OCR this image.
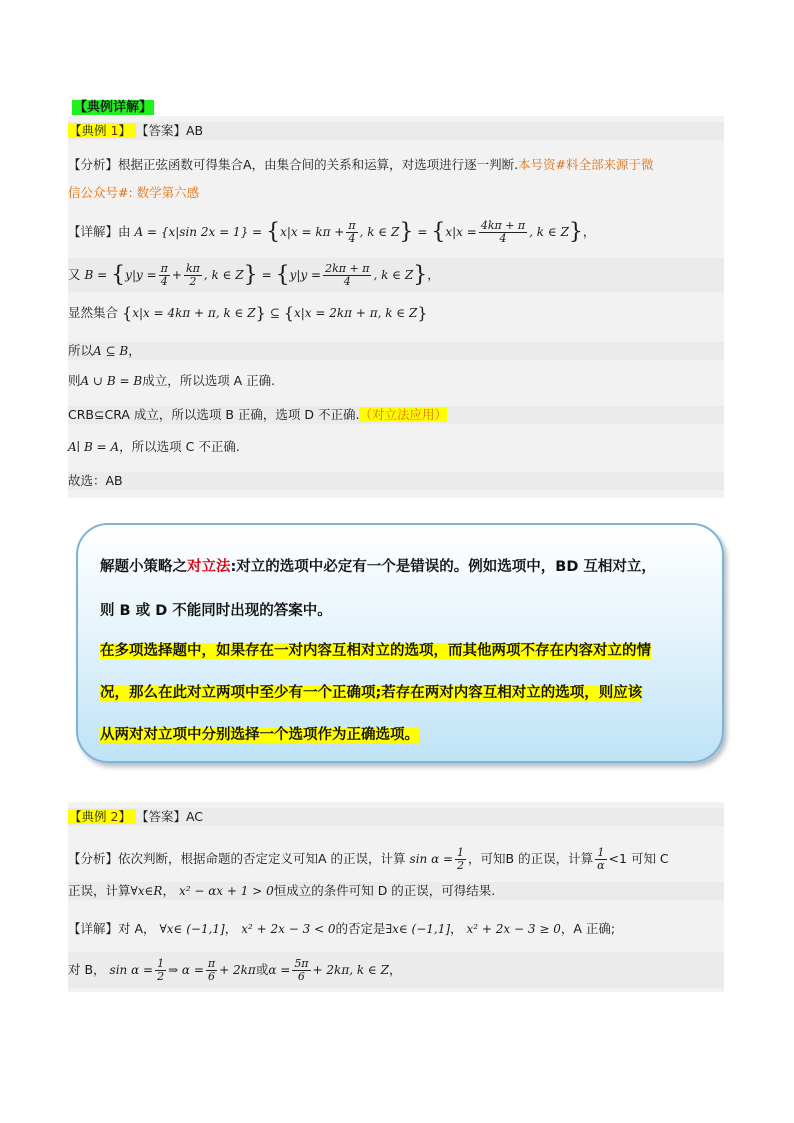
【典例详解】
【典例 1】 【答案】AB
【分析】根据正弦函数可得集合A，由集合间的关系和运算，对选项进行逐一判断.本号资#料全部来源于微
信公众号#: 数学第六感
【详解】由 A = {x|sin $2x = 1\} = \{x|x = k\pi + \frac{\pi}{4}$ , k ∈ $Z\} = \{x|x = \frac{4k\pi + \pi}{4}$ , k ∈ Z}，
又 $B = \{y|y = \frac{\pi}{4} + \frac{k\pi}{2}$ , k ∈ $Z\} = \{y|y = \frac{2k\pi + \pi}{4}$ , k ∈ Z}，
显然集合 {x|x = 4kπ + π, k ∈ Z} ⊆ {x|x = 2kπ + π, k ∈ Z}
所以A ⊆ B，
则A ∪ B = B成立，所以选项 A 正确.
CRB⊆CRA 成立，所以选项 B 正确，选项 D 不正确.（对立法应用）
A∣ B = A，所以选项 C 不正确.
故选：AB
解题小策略之对立法:对立的选项中必定有一个是错误的。例如选项中，BD 互相对立，
则 B 或 D 不能同时出现的答案中。
在多项选择题中，如果存在一对内容互相对立的选项，而其他两项不存在内容对立的情
况，那么在此对立两项中至少有一个正确项;若存在两对内容互相对立的选项，则应该
从两对对立项中分别选择一个选项作为正确选项。
【典例 2】 【答案】AC
【分析】依次判断，根据命题的否定定义可知A 的正误，计算 $\sin \alpha = \frac{1}{2}$ ，可知B 的正误，计算 $\frac{1}{\alpha} <1$ 可知 C
正误，计算∀x∈R， x² − αx + 1 > 0恒成立的条件可知 D 的正误，可得结果.
【详解】对 A， ∀x∈ (−1,1]， x² + 2x − 3 < 0的否定是∃x∈ (−1,1]， x² + 2x − 3 ≥ 0，A 正确;
对 B， $\sin \alpha = \frac{1}{2}$ ⇒ $\alpha = \frac{\pi}{6} + 2k\pi$或$\alpha = \frac{5\pi}{6} + 2k\pi$, k ∈ Z，
